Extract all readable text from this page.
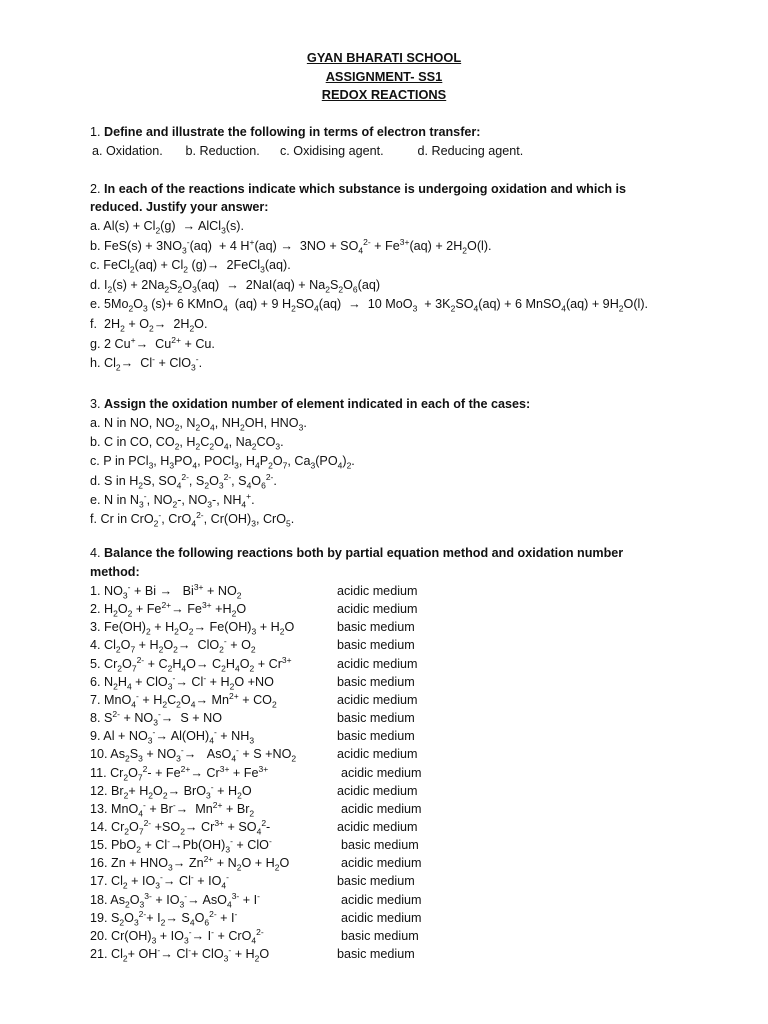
GYAN BHARATI SCHOOL
ASSIGNMENT- SS1
REDOX REACTIONS
1. Define and illustrate the following in terms of electron transfer:
a. Oxidation. b. Reduction. c. Oxidising agent.	d. Reducing agent.
2. In each of the reactions indicate which substance is undergoing oxidation and which is
reduced. Justify your answer:
a. $Al(s) + Cl_2(g)$  → AlCl$_3$(s).
b. $FeS(s) + 3NO_3^-(aq) + 4$ $H^+(aq) \to 3NO + SO_4^{2-} + Fe^{3+}(aq) + 2H_2O(l)$.
c. FeCl$_2$(aq) + $Cl_2$ (g)→  2FeCl$_3$(aq).
d. $I_2(s) + 2Na_2S_2O_3(aq) \to 2NaI(aq) + Na_2S_2O_6(aq)$
e. $5Mo_2O_3$ (s)+ 6 KMnO$_4$  (aq) + 9 $H_2SO_4(aq) \to 10$ $MoO_3 + 3K_2SO_4(aq) + 6$ MnSO$_4$(aq) + $9H_2O(l)$.
f.  $2H_2 + O_2\to 2H_2O$.
g. 2 $Cu^+\to Cu^{2+} + Cu$.
h. $Cl_2\to Cl^- + ClO_3^-$.
3. Assign the oxidation number of element indicated in each of the cases:
a. N in NO, $NO_2$, $N_2O_4$, $NH_2OH$, $HNO_3$.
b. C in CO, $CO_2$, $H_2C_2O_4$, $Na_2CO_3$.
c. P in PCl$_3$, $H_3PO_4$, POCl$_3$, $H_4P_2O_7$, $Ca_3(PO_4)_2$.
d. S in $H_2S$, $SO_4^{2-}$, $S_2O_3^{2-}$, $S_4O_6^{2-}$.
e. N in $N_3^-$, $NO_2-$, $NO_3-$, $NH_4^+$.
f. Cr in CrO$_2$-, CrO$_4^{2-}$, $Cr(OH)_3$, CrO$_5$.
4. Balance the following reactions both by partial equation method and oxidation number
method:
1. $NO_3^- + Bi \to Bi^{3+} + NO_2$	acidic medium
2. $H_2O_2 + Fe^{2+}\to Fe^{3+} +H_2O$	acidic medium
3. $Fe(OH)_2 + H_2O_2\to Fe(OH)_3 + H_2O$	basic medium
4. $Cl_2O_7 + H_2O_2\to ClO_2^- + O_2$	basic medium
5. $Cr_2O_7^{2-} + C_2H_4O\to C_2H_4O_2 + Cr^{3+}$	acidic medium
6. $N_2H_4 + ClO_3^-\to Cl^- + H_2O +NO$	basic medium
7. $MnO_4^- + H_2C_2O_4\to Mn^{2+} + CO_2$	acidic medium
8. $S^{2-} + NO_3^-\to S$ + NO	basic medium
9. $Al + NO_3^-\to Al(OH)_4^- + NH_3$	basic medium
10. $As_2S_3 + NO_3^-\to AsO_4^- + S +NO_2$	acidic medium
11. $Cr_2O_7^2- + Fe^{2+}\to Cr^{3+} + Fe^{3+}$	acidic medium
12. $Br_2+ H_2O_2\to BrO_3^- + H_2O$	acidic medium
13. $MnO_4^- + Br^-\to Mn^{2+} + Br_2$	acidic medium
14. $Cr_2O_7^{2-} +SO_2\to Cr^{3+} + SO_4^2-$	acidic medium
15. $PbO_2 + Cl^-\to Pb(OH)_3^- + ClO^-$	basic medium
16. $Zn + HNO_3\to Zn^{2+} + N_2O + H_2O$	acidic medium
17. $Cl_2 + IO_3^-\to Cl^- + IO_4^-$	basic medium
18. $As_2O_3^{3-} + IO_3^-\to AsO_4^{3-} + I^-$	acidic medium
19. $S_2O_3^{2-}+ I_2\to S_4O_6^{2-} + I^-$	acidic medium
20. $Cr(OH)_3 + IO_3^-\to I^- + CrO_4^{2-}$	basic medium
21. $Cl_2+ OH^-\to Cl^-+ ClO_3^- + H_2O$	basic medium
